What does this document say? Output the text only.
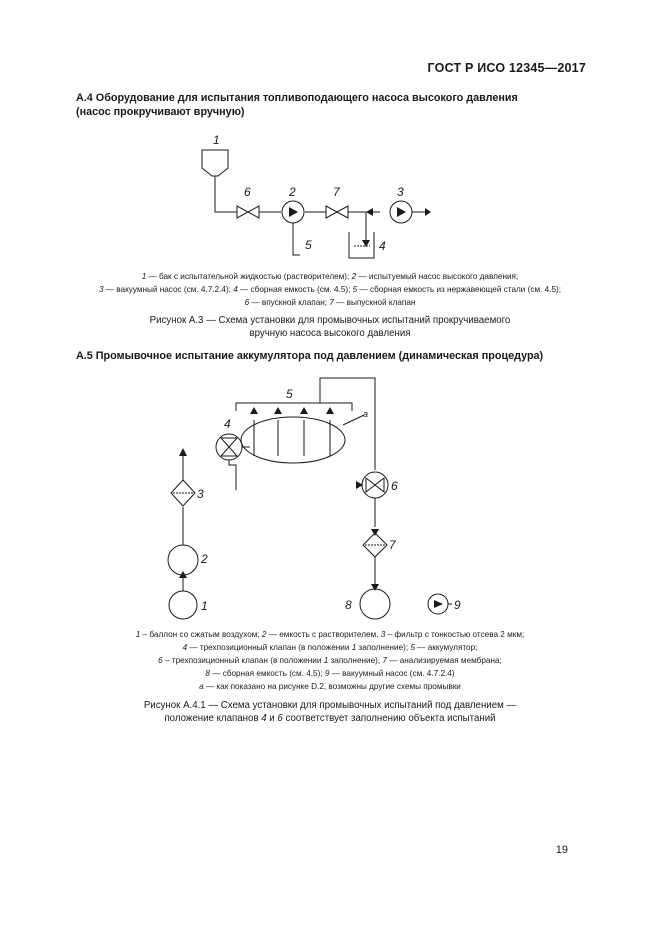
ГОСТ Р ИСО 12345—2017
А.4 Оборудование для испытания топливоподающего насоса высокого давления
(насос прокручивают вручную)
1
2	3
4
5
6	7
1
2
3
4
5
6
7
8	9
a
1 — бак с испытательной жидкостью (растворителем); 2 — испытуемый насос высокого давления;
3 — вакуумный насос (см. 4.7.2.4); 4 — сборная емкость (см. 4.5); 5 — сборная емкость из нержавеющей стали (см. 4.5);
6 — впускной клапан; 7 — выпускной клапан
Рисунок А.3 — Схема установки для промывочных испытаний прокручиваемого
вручную насоса высокого давления
А.5 Промывочное испытание аккумулятора под давлением (динамическая процедура)
1 – баллон со сжатым воздухом; 2 — емкость с растворителем, 3 – фильтр с тонкостью отсева 2 мкм;
4 — трехпозиционный клапан (в положении 1 заполнение); 5 — аккумулятор;
6 – трехпозиционный клапан (в положении 1 заполнение), 7 — анализируемая мембрана;
8 — сборная емкость (см. 4.5); 9 — вакуумный насос (см. 4.7.2.4)
a — как показано на рисунке D.2, возможны другие схемы промывки
Рисунок А.4.1 — Схема установки для промывочных испытаний под давлением —
положение клапанов 4 и 6 соответствует заполнению объекта испытаний
19
